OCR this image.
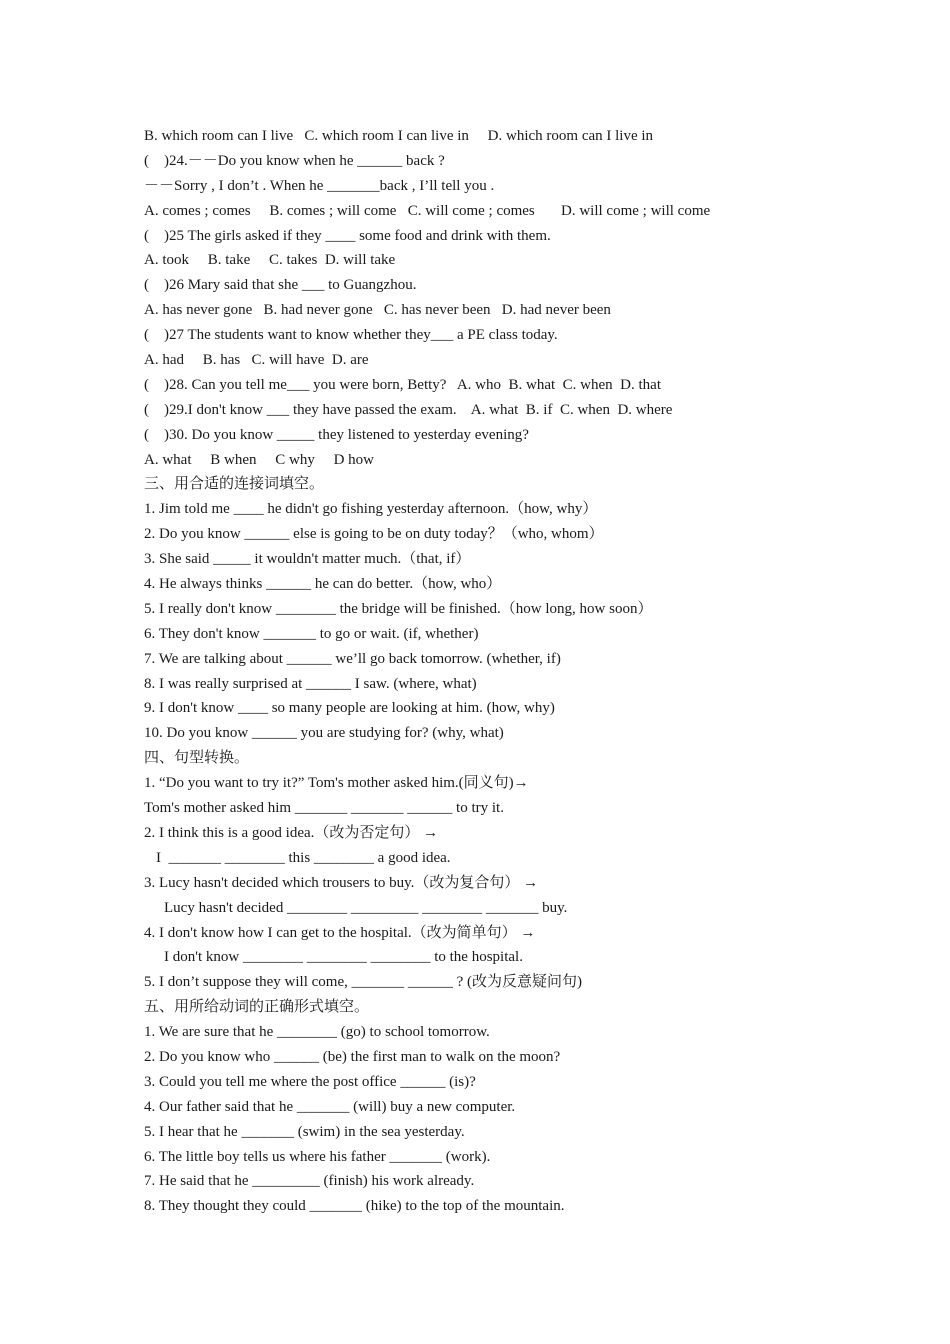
B. which room can I live   C. which room I can live in     D. which room can I live in
(    )24.－－Do you know when he ______ back ?
－－Sorry , I don’t . When he _______back , I’ll tell you .
A. comes ; comes     B. comes ; will come   C. will come ; comes       D. will come ; will come
(    )25 The girls asked if they ____ some food and drink with them.
A. took     B. take     C. takes  D. will take
(    )26 Mary said that she ___ to Guangzhou.
A. has never gone   B. had never gone   C. has never been   D. had never been
(    )27 The students want to know whether they___ a PE class today.
A. had     B. has   C. will have  D. are
(    )28. Can you tell me___ you were born, Betty?   A. who  B. what  C. when  D. that
(    )29.I don't know ___ they have passed the exam.    A. what  B. if  C. when  D. where
(    )30. Do you know _____ they listened to yesterday evening?
A. what     B when     C why     D how
三、用合适的连接词填空。
1. Jim told me ____ he didn't go fishing yesterday afternoon.（how, why）
2. Do you know ______ else is going to be on duty today？（who, whom）
3. She said _____ it wouldn't matter much.（that, if）
4. He always thinks ______ he can do better.（how, who）
5. I really don't know ________ the bridge will be finished.（how long, how soon）
6. They don't know _______ to go or wait. (if, whether)
7. We are talking about ______ we’ll go back tomorrow. (whether, if)
8. I was really surprised at ______ I saw. (where, what)
9. I don't know ____ so many people are looking at him. (how, why)
10. Do you know ______ you are studying for? (why, what)
四、句型转换。
1. “Do you want to try it?” Tom's mother asked him.(同义句)→
Tom's mother asked him _______ _______ ______ to try it.
2. I think this is a good idea.（改为否定句） →
I  _______ ________ this ________ a good idea.
3. Lucy hasn't decided which trousers to buy.（改为复合句） →
Lucy hasn't decided ________ _________ ________ _______ buy.
4. I don't know how I can get to the hospital.（改为简单句） →
I don't know ________ ________ ________ to the hospital.
5. I don’t suppose they will come, _______ ______ ? (改为反意疑问句)
五、用所给动词的正确形式填空。
1. We are sure that he ________ (go) to school tomorrow.
2. Do you know who ______ (be) the first man to walk on the moon?
3. Could you tell me where the post office ______ (is)?
4. Our father said that he _______ (will) buy a new computer.
5. I hear that he _______ (swim) in the sea yesterday.
6. The little boy tells us where his father _______ (work).
7. He said that he _________ (finish) his work already.
8. They thought they could _______ (hike) to the top of the mountain.
